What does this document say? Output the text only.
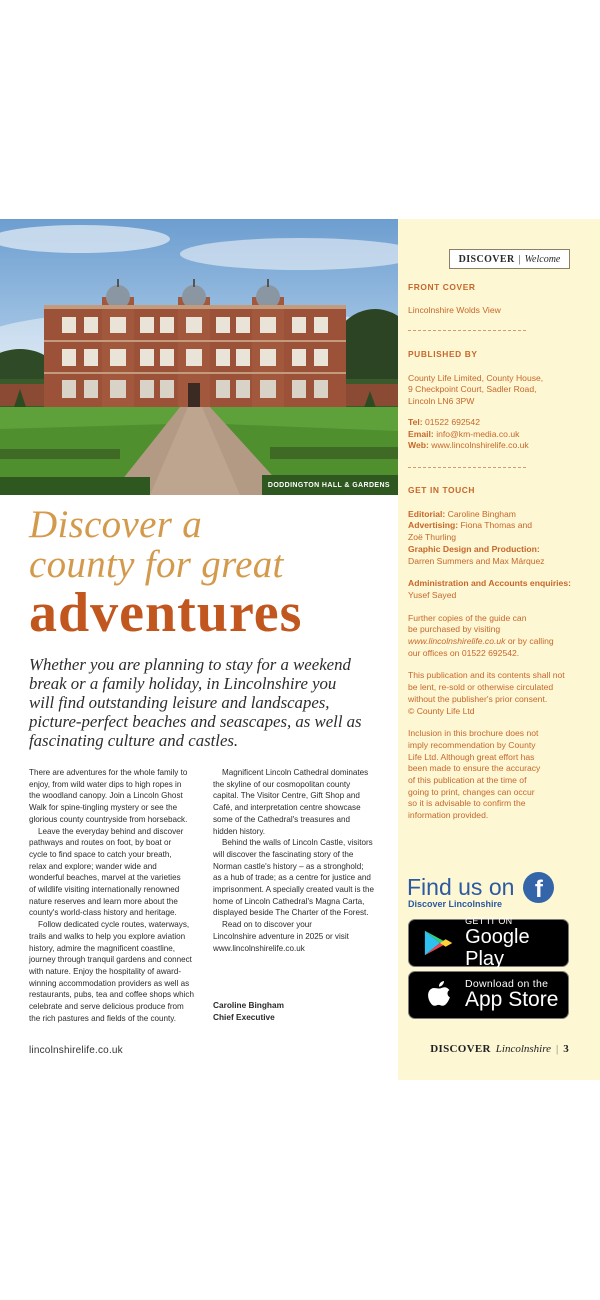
DODDINGTON HALL & GARDENS
DISCOVER | Welcome
FRONT COVER
Lincolnshire Wolds View
PUBLISHED BY
County Life Limited, County House,
9 Checkpoint Court, Sadler Road,
Lincoln LN6 3PW
Tel: 01522 692542
Email: info@km-media.co.uk
Web: www.lincolnshirelife.co.uk
GET IN TOUCH
Editorial: Caroline Bingham
Advertising: Fiona Thomas and
Zoë Thurling
Graphic Design and Production:
Darren Summers and Max Márquez
Administration and Accounts enquiries:
Yusef Sayed
Further copies of the guide can
be purchased by visiting
www.lincolnshirelife.co.uk or by calling
our offices on 01522 692542.
This publication and its contents shall not
be lent, re-sold or otherwise circulated
without the publisher's prior consent.
© County Life Ltd
Inclusion in this brochure does not
imply recommendation by County
Life Ltd. Although great effort has
been made to ensure the accuracy
of this publication at the time of
going to print, changes can occur
so it is advisable to confirm the
information provided.
Find us on f
Discover Lincolnshire
GET IT ON
Google Play
Download on the
App Store
Discover a
county for great
adventures
Whether you are planning to stay for a weekend
break or a family holiday, in Lincolnshire you
will find outstanding leisure and landscapes,
picture-perfect beaches and seascapes, as well as
fascinating culture and castles.
There are adventures for the whole family to
enjoy, from wild water dips to high ropes in
the woodland canopy. Join a Lincoln Ghost
Walk for spine-tingling mystery or see the
glorious county countryside from horseback.
Leave the everyday behind and discover
pathways and routes on foot, by boat or
cycle to find space to catch your breath,
relax and explore; wander wide and
wonderful beaches, marvel at the varieties
of wildlife visiting internationally renowned
nature reserves and learn more about the
county's world-class history and heritage.
Follow dedicated cycle routes, waterways,
trails and walks to help you explore aviation
history, admire the magnificent coastline,
journey through tranquil gardens and connect
with nature. Enjoy the hospitality of award-
winning accommodation providers as well as
restaurants, pubs, tea and coffee shops which
celebrate and serve delicious produce from
the rich pastures and fields of the county.
Magnificent Lincoln Cathedral dominates
the skyline of our cosmopolitan county
capital. The Visitor Centre, Gift Shop and
Café, and interpretation centre showcase
some of the Cathedral's treasures and
hidden history.
Behind the walls of Lincoln Castle, visitors
will discover the fascinating story of the
Norman castle's history – as a stronghold;
as a hub of trade; as a centre for justice and
imprisonment. A specially created vault is the
home of Lincoln Cathedral's Magna Carta,
displayed beside The Charter of the Forest.
Read on to discover your
Lincolnshire adventure in 2025 or visit
www.lincolnshirelife.co.uk
Caroline Bingham
Chief Executive
lincolnshirelife.co.uk	DISCOVER Lincolnshire | 3
